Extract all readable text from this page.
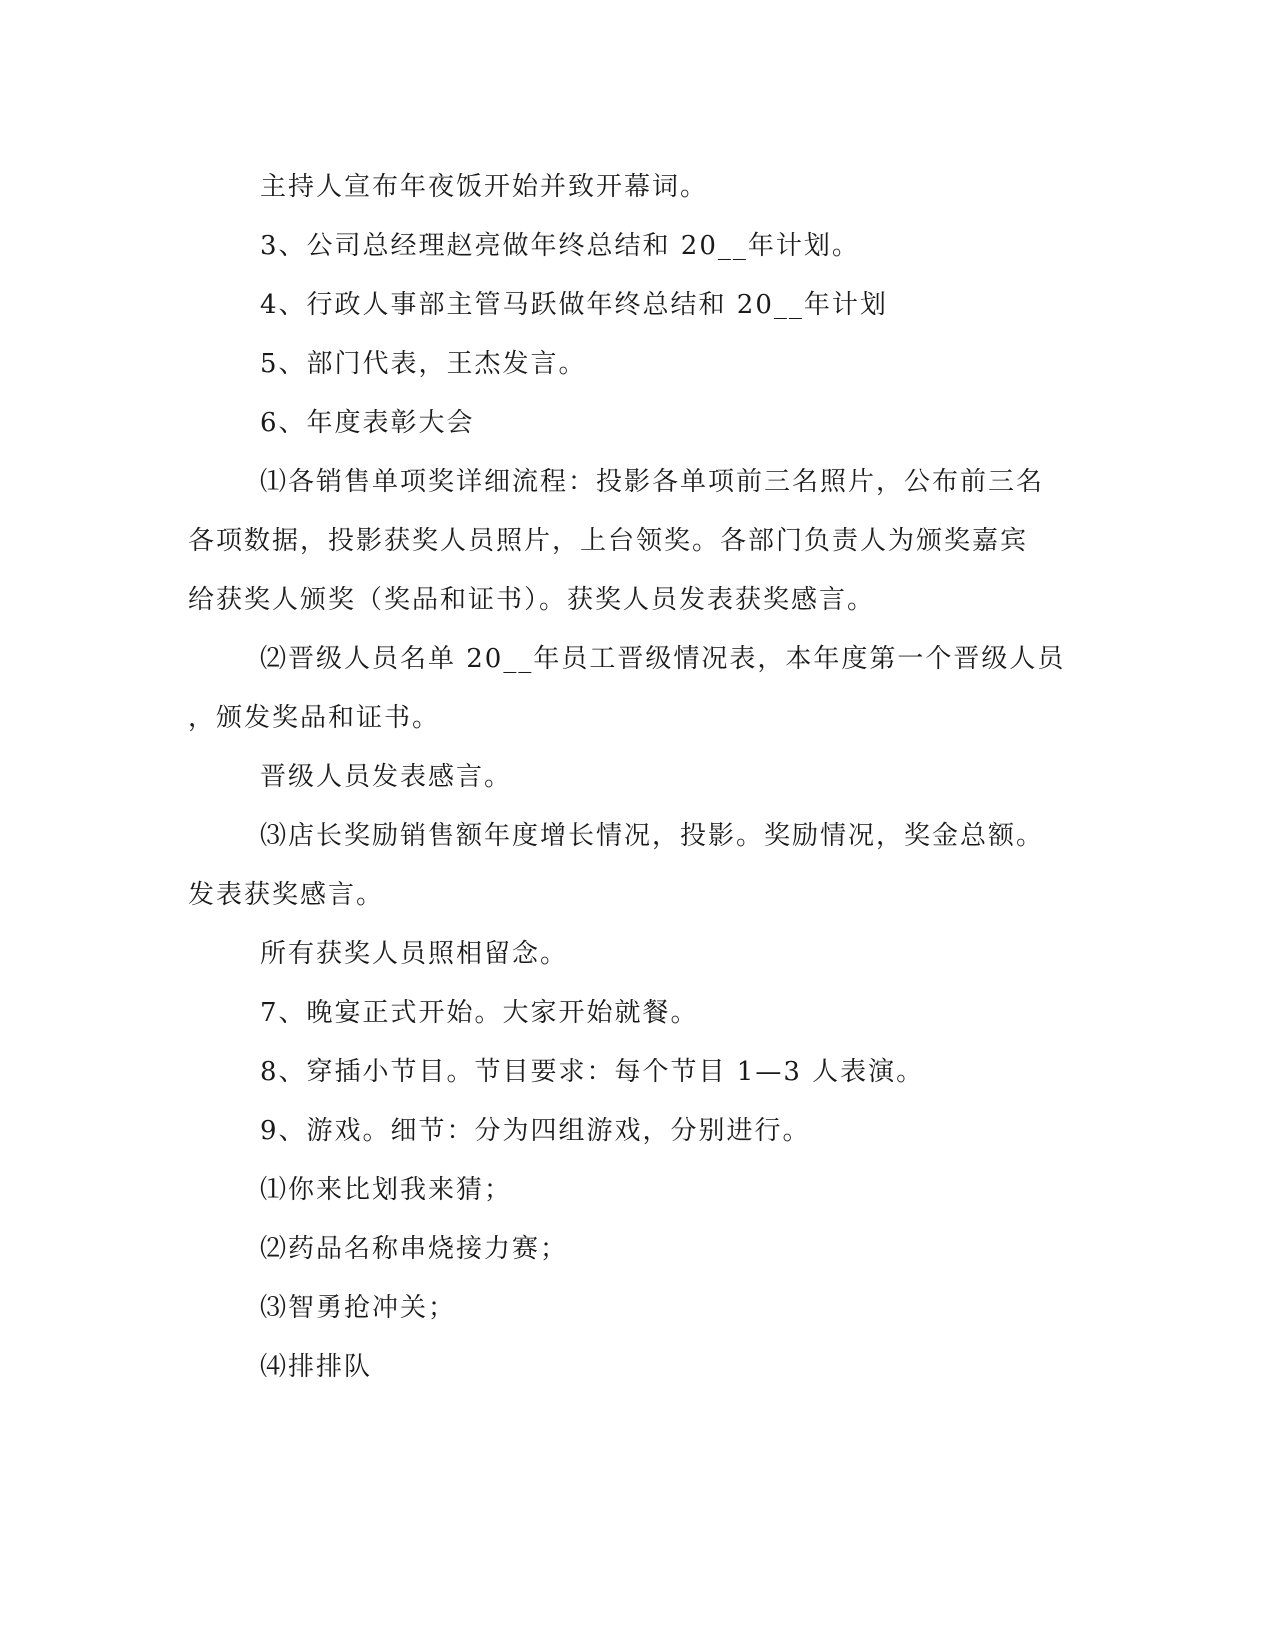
主持人宣布年夜饭开始并致开幕词。
3、公司总经理赵亮做年终总结和 20__年计划。
4、行政人事部主管马跃做年终总结和 20__年计划
5、部门代表，王杰发言。
6、年度表彰大会
⑴各销售单项奖详细流程：投影各单项前三名照片，公布前三名
各项数据，投影获奖人员照片，上台领奖。各部门负责人为颁奖嘉宾
给获奖人颁奖（奖品和证书）。获奖人员发表获奖感言。
⑵晋级人员名单 20__年员工晋级情况表，本年度第一个晋级人员
，颁发奖品和证书。
晋级人员发表感言。
⑶店长奖励销售额年度增长情况，投影。奖励情况，奖金总额。
发表获奖感言。
所有获奖人员照相留念。
7、晚宴正式开始。大家开始就餐。
8、穿插小节目。节目要求：每个节目 1—3 人表演。
9、游戏。细节：分为四组游戏，分别进行。
⑴你来比划我来猜；
⑵药品名称串烧接力赛；
⑶智勇抢冲关；
⑷排排队
